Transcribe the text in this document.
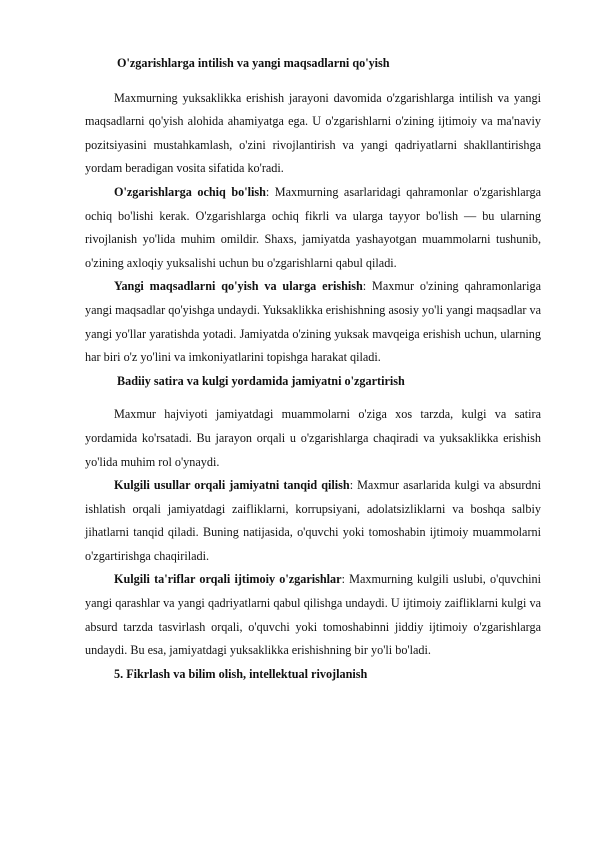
O'zgarishlarga intilish va yangi maqsadlarni qo'yish

Maxmurning yuksaklikka erishish jarayoni davomida o'zgarishlarga intilish va yangi maqsadlarni qo'yish alohida ahamiyatga ega. U o'zgarishlarni o'zining ijtimoiy va ma'naviy pozitsiyasini mustahkamlash, o'zini rivojlantirish va yangi qadriyatlarni shakllantirishga yordam beradigan vosita sifatida ko'radi.

O'zgarishlarga ochiq bo'lish: Maxmurning asarlaridagi qahramonlar o'zgarishlarga ochiq bo'lishi kerak. O'zgarishlarga ochiq fikrli va ularga tayyor bo'lish — bu ularning rivojlanish yo'lida muhim omildir. Shaxs, jamiyatda yashayotgan muammolarni tushunib, o'zining axloqiy yuksalishi uchun bu o'zgarishlarni qabul qiladi.

Yangi maqsadlarni qo'yish va ularga erishish: Maxmur o'zining qahramonlariga yangi maqsadlar qo'yishga undaydi. Yuksaklikka erishishning asosiy yo'li yangi maqsadlar va yangi yo'llar yaratishda yotadi. Jamiyatda o'zining yuksak mavqeiga erishish uchun, ularning har biri o'z yo'lini va imkoniyatlarini topishga harakat qiladi.

Badiiy satira va kulgi yordamida jamiyatni o'zgartirish

Maxmur hajviyoti jamiyatdagi muammolarni o'ziga xos tarzda, kulgi va satira yordamida ko'rsatadi. Bu jarayon orqali u o'zgarishlarga chaqiradi va yuksaklikka erishish yo'lida muhim rol o'ynaydi.

Kulgili usullar orqali jamiyatni tanqid qilish: Maxmur asarlarida kulgi va absurdni ishlatish orqali jamiyatdagi zaifliklarni, korrupsiyani, adolatsizliklarni va boshqa salbiy jihatlarni tanqid qiladi. Buning natijasida, o'quvchi yoki tomoshabin ijtimoiy muammolarni o'zgartirishga chaqiriladi.

Kulgili ta'riflar orqali ijtimoiy o'zgarishlar: Maxmurning kulgili uslubi, o'quvchini yangi qarashlar va yangi qadriyatlarni qabul qilishga undaydi. U ijtimoiy zaifliklarni kulgi va absurd tarzda tasvirlash orqali, o'quvchi yoki tomoshabinni jiddiy ijtimoiy o'zgarishlarga undaydi. Bu esa, jamiyatdagi yuksaklikka erishishning bir yo'li bo'ladi.

5. Fikrlash va bilim olish, intellektual rivojlanish
